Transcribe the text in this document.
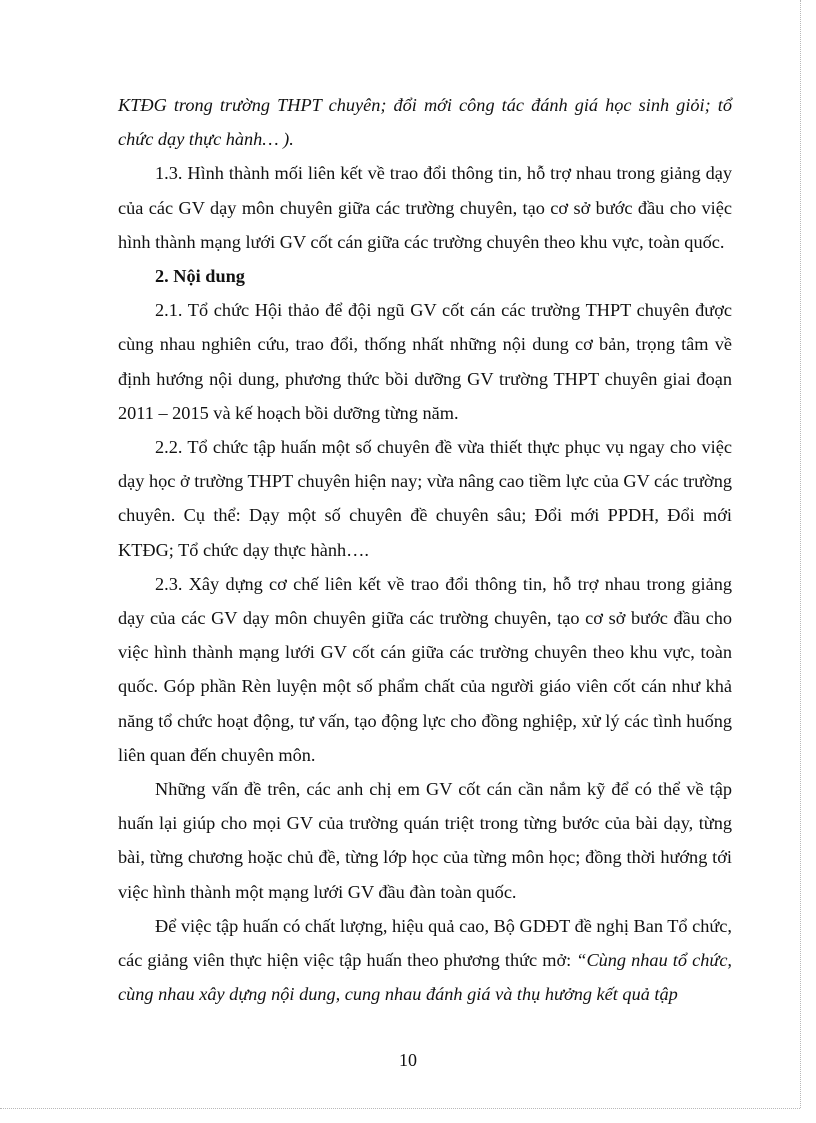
KTĐG trong trường THPT chuyên; đổi mới công tác đánh giá học sinh giỏi; tổ chức dạy thực hành… ).

1.3. Hình thành mối liên kết về trao đổi thông tin, hỗ trợ nhau trong giảng dạy của các GV dạy môn chuyên giữa các trường chuyên, tạo cơ sở bước đầu cho việc hình thành mạng lưới GV cốt cán giữa các trường chuyên theo khu vực, toàn quốc.

2. Nội dung

2.1. Tổ chức Hội thảo để đội ngũ GV cốt cán các trường THPT chuyên được cùng nhau nghiên cứu, trao đổi, thống nhất những nội dung cơ bản, trọng tâm về định hướng nội dung, phương thức bồi dưỡng GV trường THPT chuyên giai đoạn 2011 – 2015 và kế hoạch bồi dưỡng từng năm.

2.2. Tổ chức tập huấn một số chuyên đề vừa thiết thực phục vụ ngay cho việc dạy học ở trường THPT chuyên hiện nay; vừa nâng cao tiềm lực của GV các trường chuyên. Cụ thể: Dạy một số chuyên đề chuyên sâu; Đổi mới PPDH, Đổi mới KTĐG; Tổ chức dạy thực hành….

2.3. Xây dựng cơ chế liên kết về trao đổi thông tin, hỗ trợ nhau trong giảng dạy của các GV dạy môn chuyên giữa các trường chuyên, tạo cơ sở bước đầu cho việc hình thành mạng lưới GV cốt cán giữa các trường chuyên theo khu vực, toàn quốc. Góp phần Rèn luyện một số phẩm chất của người giáo viên cốt cán như khả năng tổ chức hoạt động, tư vấn, tạo động lực cho đồng nghiệp, xử lý các tình huống liên quan đến chuyên môn.

Những vấn đề trên, các anh chị em GV cốt cán cần nắm kỹ để có thể về tập huấn lại giúp cho mọi GV của trường quán triệt trong từng bước của bài dạy, từng bài, từng chương hoặc chủ đề, từng lớp học của từng môn học; đồng thời hướng tới việc hình thành một mạng lưới GV đầu đàn toàn quốc.

Để việc tập huấn có chất lượng, hiệu quả cao, Bộ GDĐT đề nghị Ban Tổ chức, các giảng viên thực hiện việc tập huấn theo phương thức mở: “Cùng nhau tổ chức, cùng nhau xây dựng nội dung, cung nhau đánh giá và thụ hưởng kết quả tập

10
